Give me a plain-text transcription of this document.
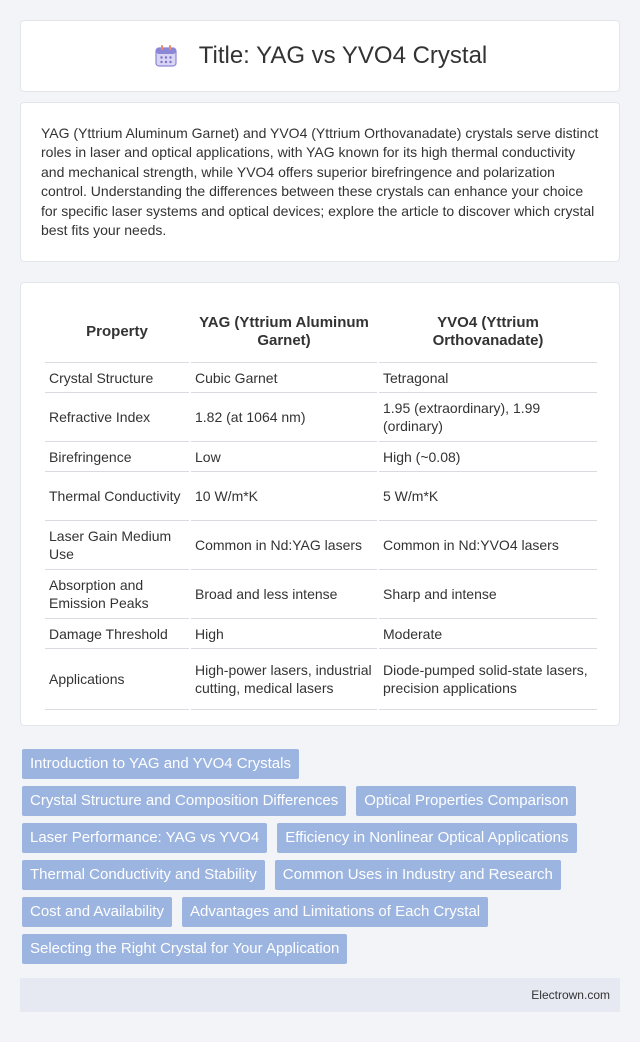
Title: YAG vs YVO4 Crystal

YAG (Yttrium Aluminum Garnet) and YVO4 (Yttrium Orthovanadate) crystals serve distinct roles in laser and optical applications, with YAG known for its high thermal conductivity and mechanical strength, while YVO4 offers superior birefringence and polarization control. Understanding the differences between these crystals can enhance your choice for specific laser systems and optical devices; explore the article to discover which crystal best fits your needs.

Property	YAG (Yttrium Aluminum Garnet)	YVO4 (Yttrium Orthovanadate)
Crystal Structure	Cubic Garnet	Tetragonal
Refractive Index	1.82 (at 1064 nm)	1.95 (extraordinary), 1.99 (ordinary)
Birefringence	Low	High (~0.08)
Thermal Conductivity	10 W/m*K	5 W/m*K
Laser Gain Medium Use	Common in Nd:YAG lasers	Common in Nd:YVO4 lasers
Absorption and Emission Peaks	Broad and less intense	Sharp and intense
Damage Threshold	High	Moderate
Applications	High-power lasers, industrial cutting, medical lasers	Diode-pumped solid-state lasers, precision applications
Introduction to YAG and YVO4 Crystals
Crystal Structure and Composition Differences	Optical Properties Comparison
Laser Performance: YAG vs YVO4	Efficiency in Nonlinear Optical Applications
Thermal Conductivity and Stability	Common Uses in Industry and Research
Cost and Availability	Advantages and Limitations of Each Crystal
Selecting the Right Crystal for Your Application
Electrown.com
